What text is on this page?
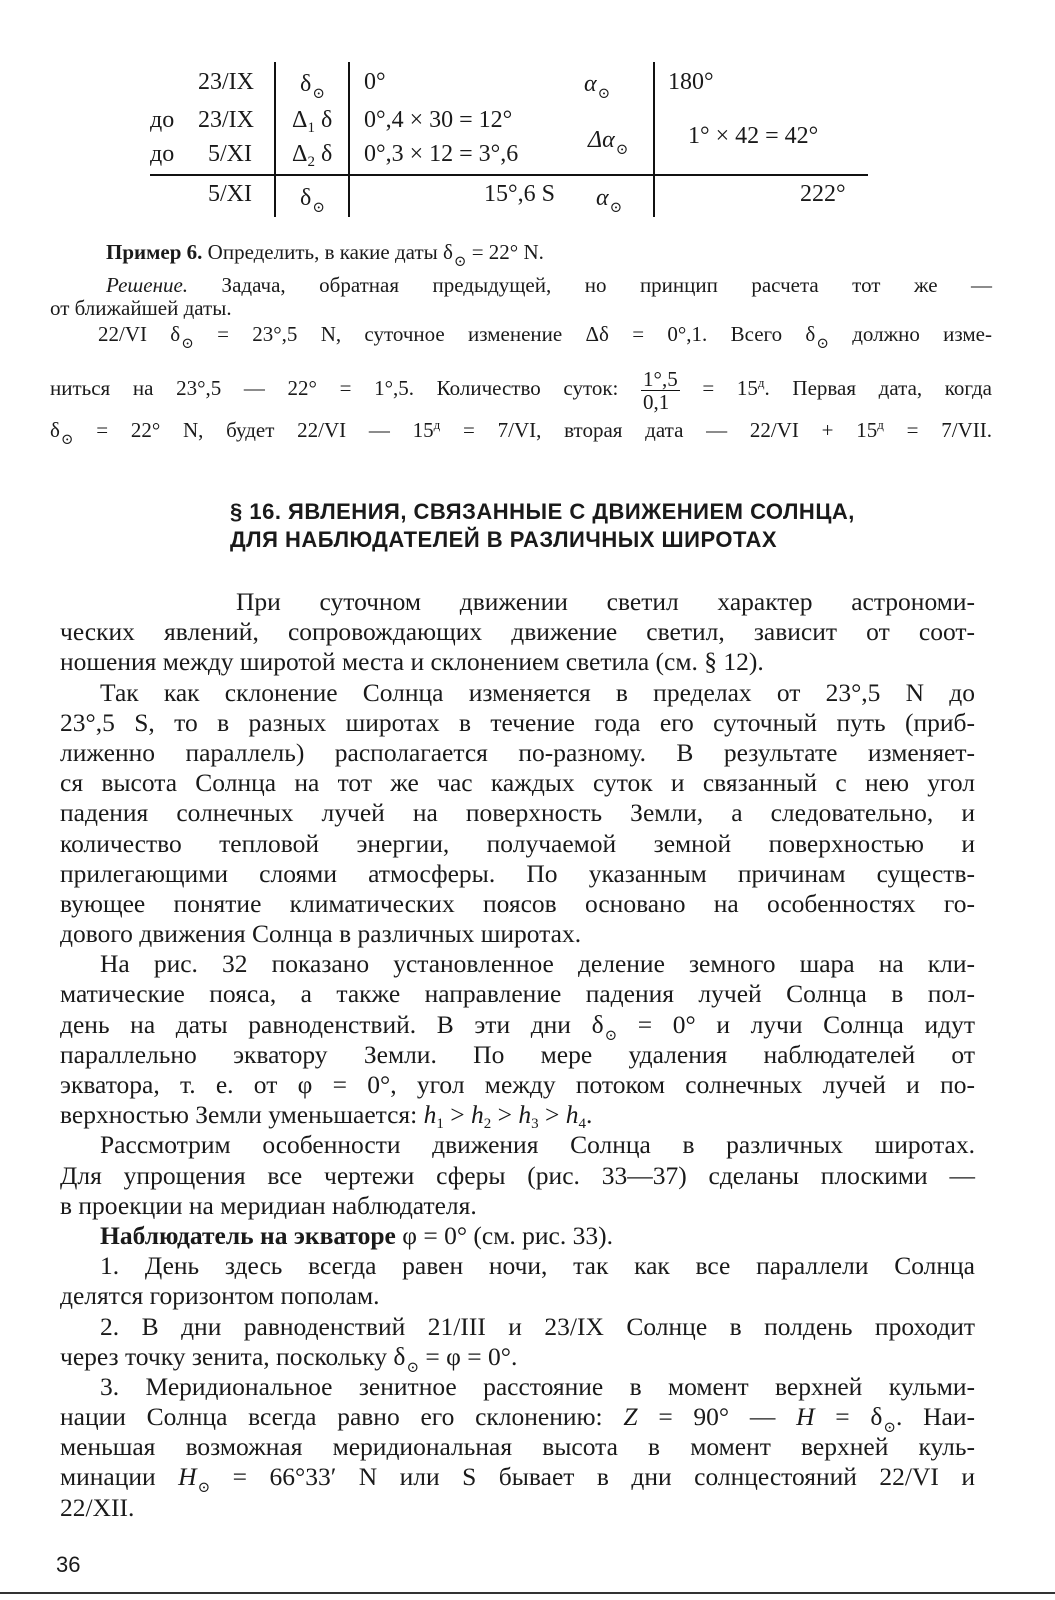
23/IX $\delta_⊙$ 0°	$\alpha_⊙$ 180°
до 23/IX $\Delta_1$ δ 0°,4 × 30 = 12°
$\Delta\alpha_⊙$
1° × 42 = 42°
до 5/XI $\Delta_2$ δ 0°,3 × 12 = 3°,6
5/XI $\delta_⊙$
15°,6 S $\alpha_⊙$
222°
Пример 6. Определить, в какие даты $\delta_⊙ = 22^\circ$ N.
Решение. Задача, обратная предыдущей, но принцип расчета тот же —
от ближайшей даты.
22/VI $\delta_⊙ = 23^\circ,5$ N, суточное изменение Δδ = 0°,1. Всего $\delta_⊙$ должно изме-
ниться на 23°,5 — 22° = 1°,5. Количество суток: $\frac{1^\circ,5}{0,1} = 15^д$. Первая дата, когда
$\delta_⊙ = 22^\circ$ N, будет 22/VI — $15^д = 7/VI$, вторая дата — $22/VI + 15^д = 7/VII$.
§ 16. ЯВЛЕНИЯ, СВЯЗАННЫЕ С ДВИЖЕНИЕМ СОЛНЦА,
ДЛЯ НАБЛЮДАТЕЛЕЙ В РАЗЛИЧНЫХ ШИРОТАХ
При суточном движении светил характер астрономи-
ческих явлений, сопровождающих движение светил, зависит от соот-
ношения между широтой места и склонением светила (см. § 12).
Так как склонение Солнца изменяется в пределах от 23°,5 N до
23°,5 S, то в разных широтах в течение года его суточный путь (приб-
лиженно параллель) располагается по-разному. В результате изменяет-
ся высота Солнца на тот же час каждых суток и связанный с нею угол
падения солнечных лучей на поверхность Земли, а следовательно, и
количество тепловой энергии, получаемой земной поверхностью и
прилегающими слоями атмосферы. По указанным причинам существ-
вующее понятие климатических поясов основано на особенностях го-
дового движения Солнца в различных широтах.
На рис. 32 показано установленное деление земного шара на кли-
матические пояса, а также направление падения лучей Солнца в пол-
день на даты равноденствий. В эти дни $\delta_⊙ = 0^\circ$ и лучи Солнца идут
параллельно экватору Земли. По мере удаления наблюдателей от
экватора, т. е. от φ = 0°, угол между потоком солнечных лучей и по-
верхностью Земли уменьшается: $h_1 > h_2 > h_3 > h_4$.
Рассмотрим особенности движения Солнца в различных широтах.
Для упрощения все чертежи сферы (рис. 33—37) сделаны плоскими —
в проекции на меридиан наблюдателя.
Наблюдатель на экваторе φ = 0° (см. рис. 33).
1. День здесь всегда равен ночи, так как все параллели Солнца
делятся горизонтом пополам.
2. В дни равноденствий 21/III и 23/IX Солнце в полдень проходит
через точку зенита, поскольку $\delta_⊙ = \varphi = 0^\circ$.
3. Меридиональное зенитное расстояние в момент верхней кульми-
нации Солнца всегда равно его склонению: Z = 90° — $H = \delta_⊙$. Наи-
меньшая возможная меридиональная высота в момент верхней куль-
минации $H_⊙ = 66^\circ 33'$ N или S бывает в дни солнцестояний 22/VI и
22/XII.
36
